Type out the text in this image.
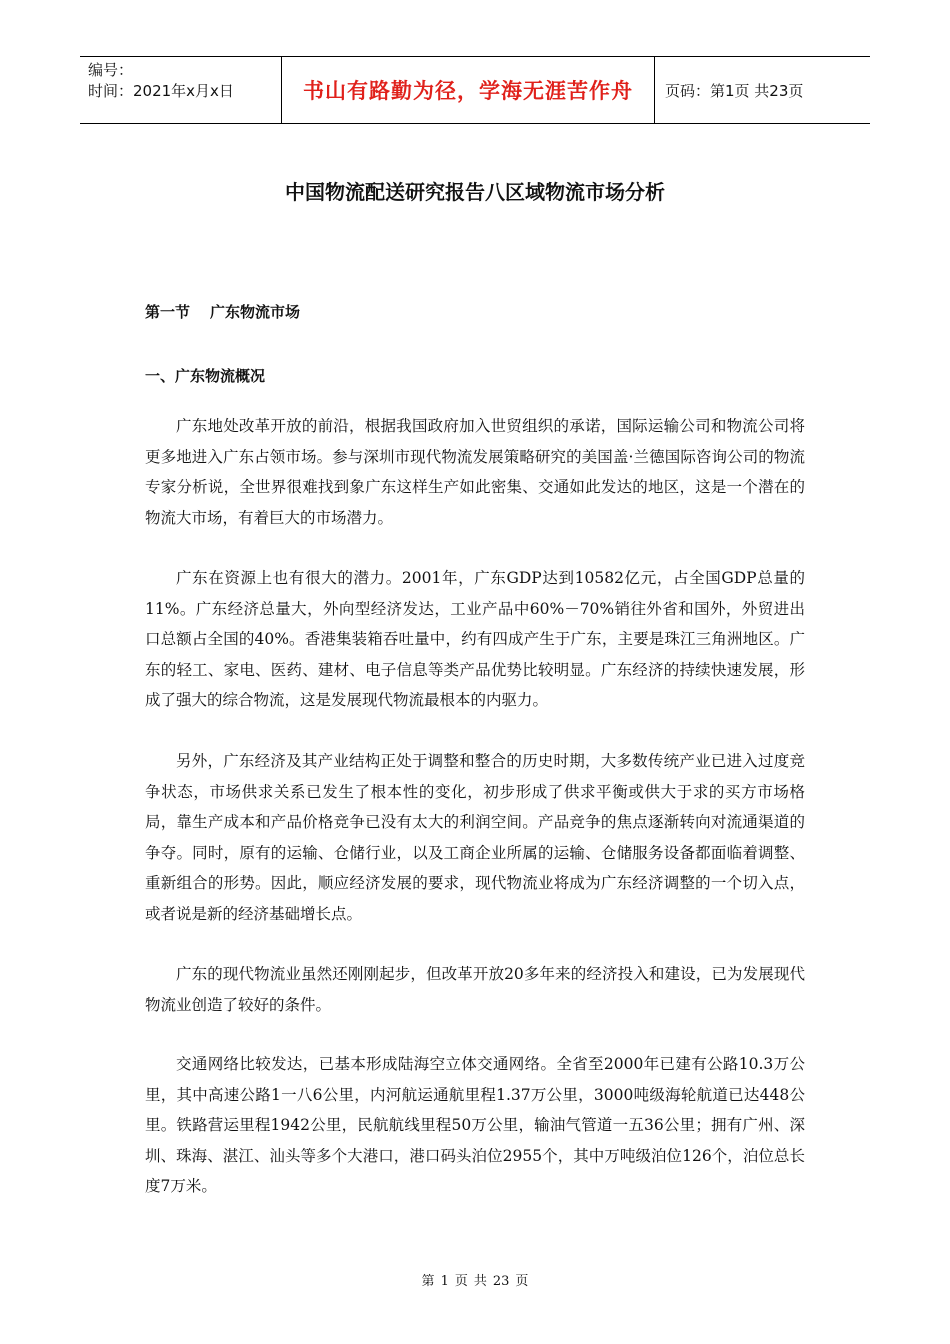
编号：
时间：2021年x月x日	书山有路勤为径，学海无涯苦作舟 页码：第1页 共23页
中国物流配送研究报告八区域物流市场分析
第一节 广东物流市场
一、广东物流概况

广东地处改革开放的前沿，根据我国政府加入世贸组织的承诺，国际运输公司和物流公司将更多地进入广东占领市场。参与深圳市现代物流发展策略研究的美国盖·兰德国际咨询公司的物流专家分析说，全世界很难找到象广东这样生产如此密集、交通如此发达的地区，这是一个潜在的物流大市场，有着巨大的市场潜力。

广东在资源上也有很大的潜力。2001年，广东GDP达到10582亿元，占全国GDP总量的11%。广东经济总量大，外向型经济发达，工业产品中60%－70%销往外省和国外，外贸进出口总额占全国的40%。香港集装箱吞吐量中，约有四成产生于广东，主要是珠江三角洲地区。广东的轻工、家电、医药、建材、电子信息等类产品优势比较明显。广东经济的持续快速发展，形成了强大的综合物流，这是发展现代物流最根本的内驱力。

另外，广东经济及其产业结构正处于调整和整合的历史时期，大多数传统产业已进入过度竞争状态，市场供求关系已发生了根本性的变化，初步形成了供求平衡或供大于求的买方市场格局，靠生产成本和产品价格竞争已没有太大的利润空间。产品竞争的焦点逐渐转向对流通渠道的争夺。同时，原有的运输、仓储行业，以及工商企业所属的运输、仓储服务设备都面临着调整、重新组合的形势。因此，顺应经济发展的要求，现代物流业将成为广东经济调整的一个切入点，或者说是新的经济基础增长点。

广东的现代物流业虽然还刚刚起步，但改革开放20多年来的经济投入和建设，已为发展现代物流业创造了较好的条件。

交通网络比较发达，已基本形成陆海空立体交通网络。全省至2000年已建有公路10.3万公里，其中高速公路1一八6公里，内河航运通航里程1.37万公里，3000吨级海轮航道已达448公里。铁路营运里程1942公里，民航航线里程50万公里，输油气管道一五36公里；拥有广州、深圳、珠海、湛江、汕头等多个大港口，港口码头泊位2955个，其中万吨级泊位126个，泊位总长度7万米。

第 1 页 共 23 页
